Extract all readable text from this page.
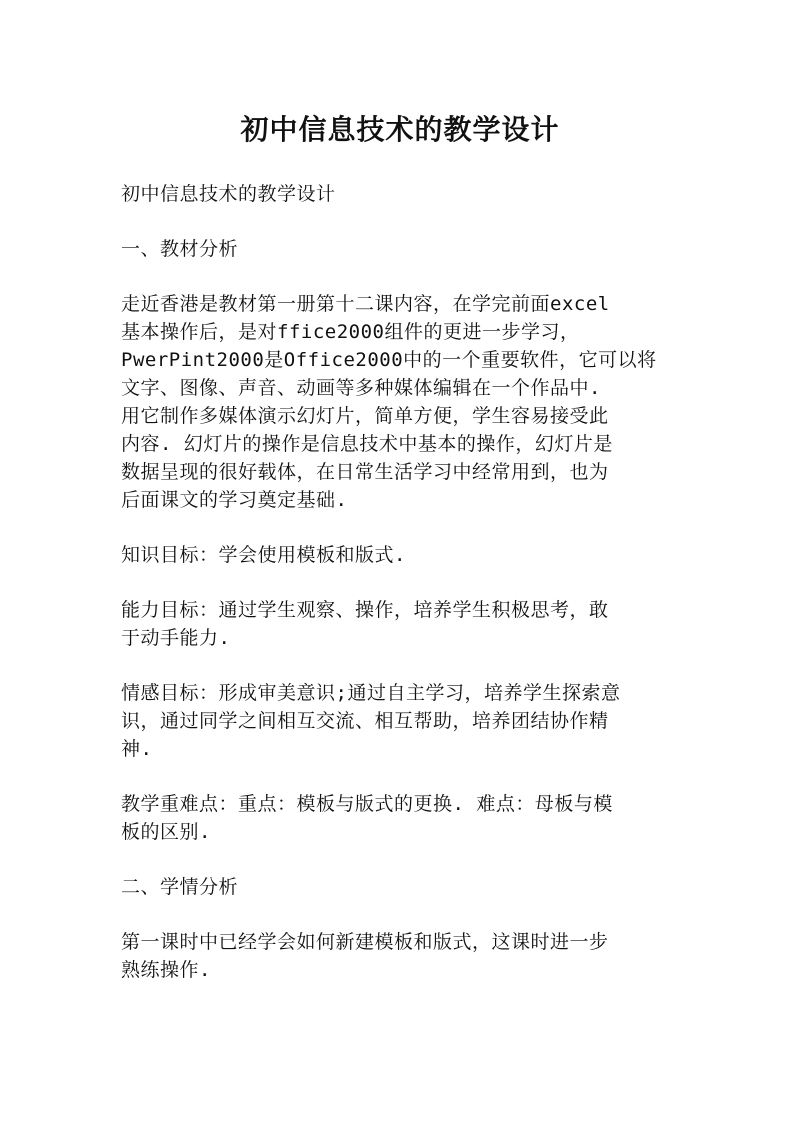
初中信息技术的教学设计

初中信息技术的教学设计

一、教材分析

走近香港是教材第一册第十二课内容，在学完前面excel
基本操作后，是对ffice2000组件的更进一步学习，
PwerPint2000是Office2000中的一个重要软件，它可以将
文字、图像、声音、动画等多种媒体编辑在一个作品中.
用它制作多媒体演示幻灯片，简单方便，学生容易接受此
内容. 幻灯片的操作是信息技术中基本的操作，幻灯片是
数据呈现的很好载体，在日常生活学习中经常用到，也为
后面课文的学习奠定基础.

知识目标：学会使用模板和版式.

能力目标：通过学生观察、操作，培养学生积极思考，敢
于动手能力.

情感目标：形成审美意识;通过自主学习，培养学生探索意
识，通过同学之间相互交流、相互帮助，培养团结协作精
神.

教学重难点：重点：模板与版式的更换. 难点：母板与模
板的区别.

二、学情分析

第一课时中已经学会如何新建模板和版式，这课时进一步
熟练操作.
